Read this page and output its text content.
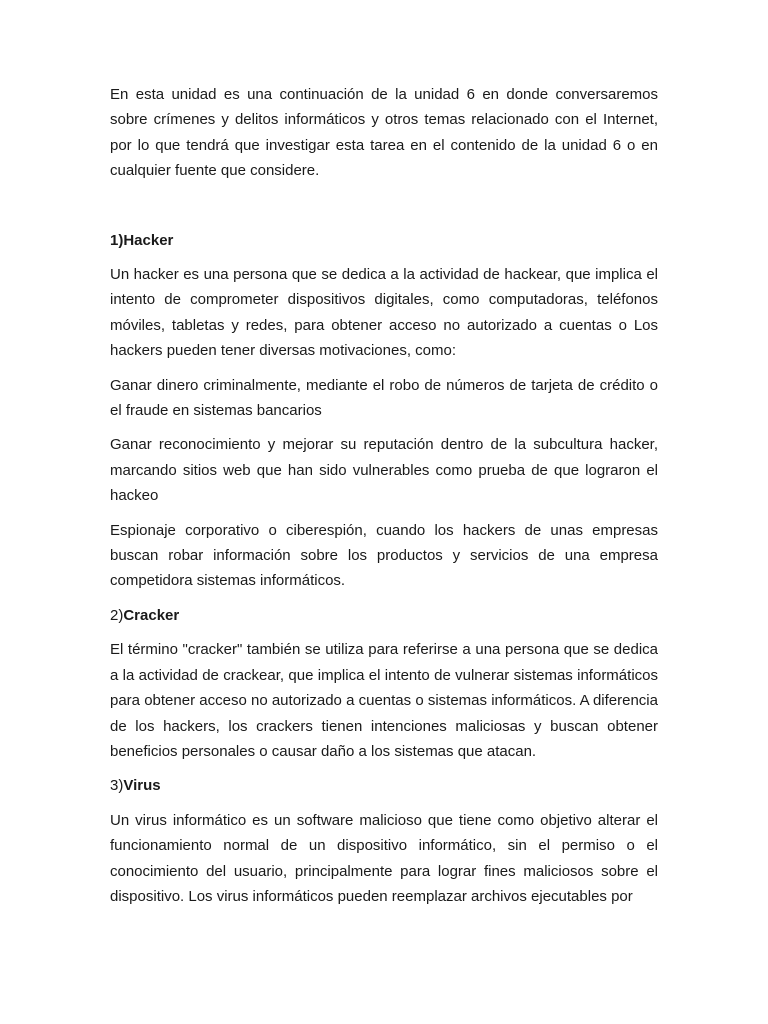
En esta unidad es una continuación de la unidad 6 en donde conversaremos sobre crímenes y delitos informáticos y otros temas relacionado con el Internet, por lo que tendrá que investigar esta tarea en el contenido de la unidad 6 o en cualquier fuente que considere.

1)Hacker

Un hacker es una persona que se dedica a la actividad de hackear, que implica el intento de comprometer dispositivos digitales, como computadoras, teléfonos móviles, tabletas y redes, para obtener acceso no autorizado a cuentas o Los hackers pueden tener diversas motivaciones, como:

Ganar dinero criminalmente, mediante el robo de números de tarjeta de crédito o el fraude en sistemas bancarios

Ganar reconocimiento y mejorar su reputación dentro de la subcultura hacker, marcando sitios web que han sido vulnerables como prueba de que lograron el hackeo

Espionaje corporativo o ciberespión, cuando los hackers de unas empresas buscan robar información sobre los productos y servicios de una empresa competidora sistemas informáticos.

2)Cracker

El término "cracker" también se utiliza para referirse a una persona que se dedica a la actividad de crackear, que implica el intento de vulnerar sistemas informáticos para obtener acceso no autorizado a cuentas o sistemas informáticos. A diferencia de los hackers, los crackers tienen intenciones maliciosas y buscan obtener beneficios personales o causar daño a los sistemas que atacan.

3)Virus

Un virus informático es un software malicioso que tiene como objetivo alterar el funcionamiento normal de un dispositivo informático, sin el permiso o el conocimiento del usuario, principalmente para lograr fines maliciosos sobre el dispositivo. Los virus informáticos pueden reemplazar archivos ejecutables por
